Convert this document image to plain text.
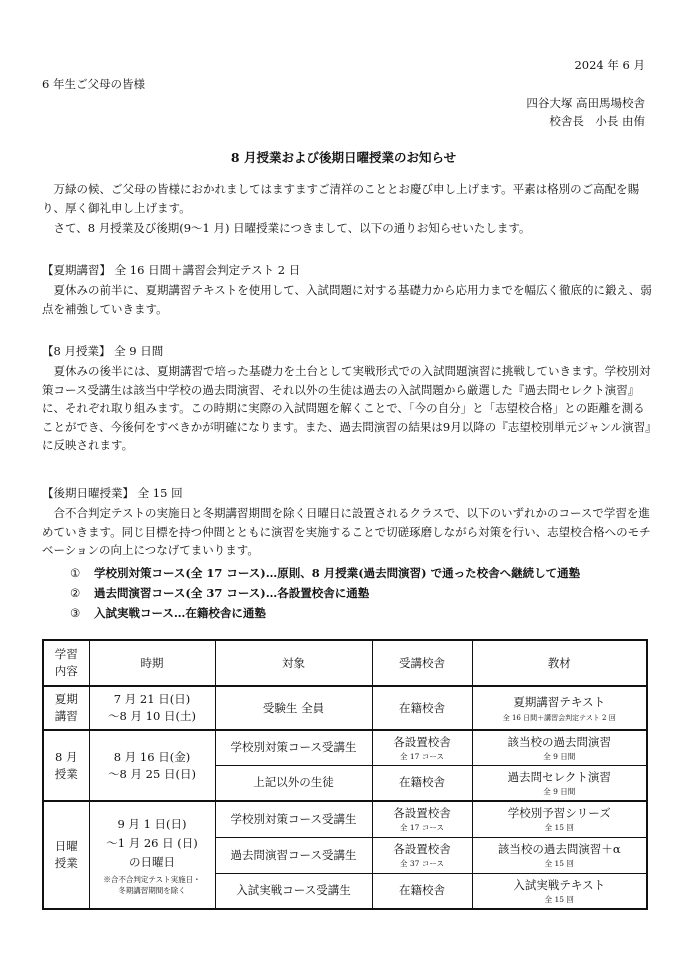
2024 年 6 月
6 年生ご父母の皆様
四谷大塚 高田馬場校舎
校舎長　小長 由侑
8 月授業および後期日曜授業のお知らせ
　万緑の候、ご父母の皆様におかれましてはますますご清祥のこととお慶び申し上げます。平素は格別のご高配を賜り、厚く御礼申し上げます。
　さて、8 月授業及び後期(9～1 月) 日曜授業につきまして、以下の通りお知らせいたします。
【夏期講習】 全 16 日間＋講習会判定テスト 2 日
　夏休みの前半に、夏期講習テキストを使用して、入試問題に対する基礎力から応用力までを幅広く徹底的に鍛え、弱点を補強していきます。
【8 月授業】 全 9 日間
　夏休みの後半には、夏期講習で培った基礎力を土台として実戦形式での入試問題演習に挑戦していきます。学校別対策コース受講生は該当中学校の過去問演習、それ以外の生徒は過去の入試問題から厳選した『過去問セレクト演習』に、それぞれ取り組みます。この時期に実際の入試問題を解くことで、「今の自分」と「志望校合格」との距離を測ることができ、今後何をすべきかが明確になります。また、過去問演習の結果は9月以降の『志望校別単元ジャンル演習』に反映されます。
【後期日曜授業】 全 15 回
　合不合判定テストの実施日と冬期講習期間を除く日曜日に設置されるクラスで、以下のいずれかのコースで学習を進めていきます。同じ目標を持つ仲間とともに演習を実施することで切磋琢磨しながら対策を行い、志望校合格へのモチベーションの向上につなげてまいります。
① 学校別対策コース(全 17 コース)…原則、8 月授業(過去問演習) で通った校舎へ継続して通塾
② 過去問演習コース(全 37 コース)…各設置校舎に通塾
③ 入試実戦コース…在籍校舎に通塾
学習
内容	時期	対象	受講校舎	教材
夏期
講習	7 月 21 日(日)
～8 月 10 日(土)	受験生 全員	在籍校舎	夏期講習テキスト
全 16 日間＋講習会判定テスト 2 回

8 月
授業	8 月 16 日(金)
～8 月 25 日(日)	学校別対策コース受講生	各設置校舎
全 17 コース	該当校の過去問演習
全 9 日間

		上記以外の生徒	在籍校舎	過去問セレクト演習
全 9 日間

日曜
授業	9 月 1 日(日)
～1 月 26 日 (日)
の日曜日
※合不合判定テスト実施日・
冬期講習期間を除く	学校別対策コース受講生	各設置校舎
全 17 コース	学校別予習シリーズ
全 15 回

		過去問演習コース受講生	各設置校舎
全 37 コース	該当校の過去問演習＋α
全 15 回

		入試実戦コース受講生	在籍校舎	入試実戦テキスト
全 15 回
